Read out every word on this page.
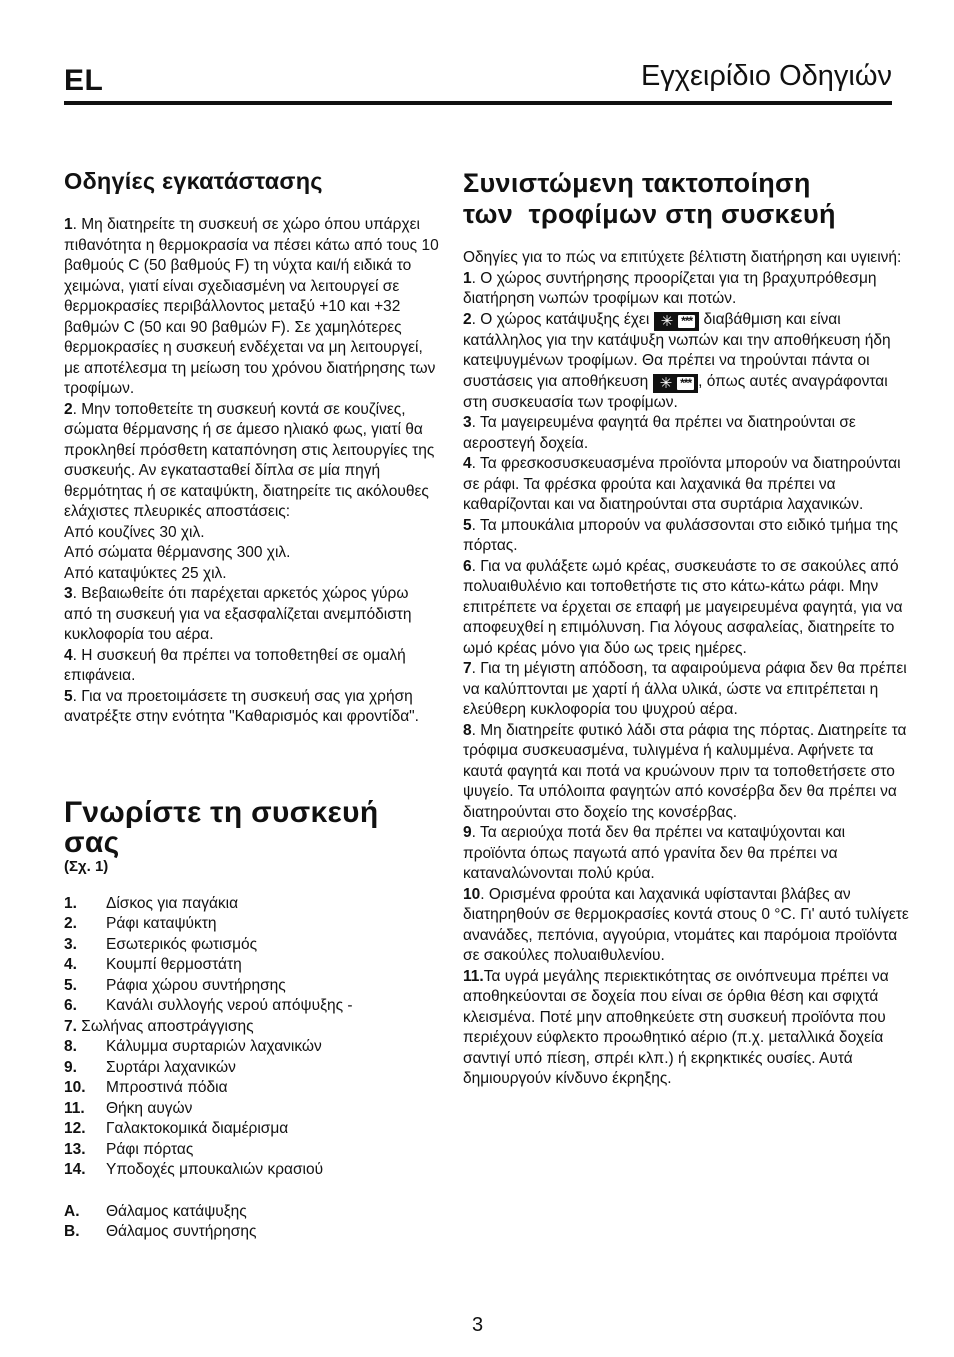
EL	Εγχειρίδιο Οδηγιών
Οδηγίες εγκατάστασης

1. Μη διατηρείτε τη συσκευή σε χώρο όπου υπάρχει πιθανότητα η θερμοκρασία να πέσει κάτω από τους 10 βαθμούς C (50 βαθμούς F) τη νύχτα και/ή ειδικά το χειμώνα, γιατί είναι σχεδιασμένη να λειτουργεί σε θερμοκρασίες περιβάλλοντος μεταξύ +10 και +32 βαθμών C (50 και 90 βαθμών F). Σε χαμηλότερες θερμοκρασίες η συσκευή ενδέχεται να μη λειτουργεί, με αποτέλεσμα τη μείωση του χρόνου διατήρησης των τροφίμων.

2. Μην τοποθετείτε τη συσκευή κοντά σε κουζίνες, σώματα θέρμανσης ή σε άμεσο ηλιακό φως, γιατί θα προκληθεί πρόσθετη καταπόνηση στις λειτουργίες της συσκευής. Αν εγκατασταθεί δίπλα σε μία πηγή θερμότητας ή σε καταψύκτη, διατηρείτε τις ακόλουθες ελάχιστες πλευρικές αποστάσεις:

Από κουζίνες 30 χιλ.

Από σώματα θέρμανσης 300 χιλ.

Από καταψύκτες 25 χιλ.

3. Βεβαιωθείτε ότι παρέχεται αρκετός χώρος γύρω από τη συσκευή για να εξασφαλίζεται ανεμπόδιστη κυκλοφορία του αέρα.

4. Η συσκευή θα πρέπει να τοποθετηθεί σε ομαλή επιφάνεια.

5. Για να προετοιμάσετε τη συσκευή σας για χρήση ανατρέξτε στην ενότητα "Καθαρισμός και φροντίδα".

Γνωρίστε τη συσκευή σας
(Σχ. 1)
1.	Δίσκος για παγάκια
2.	Ράφι καταψύκτη
3.	Εσωτερικός φωτισμός
4.	Κουμπί θερμοστάτη
5.	Ράφια χώρου συντήρησης
6.	Κανάλι συλλογής νερού απόψυξης -
7. Σωλήνας αποστράγγισης
8.	Κάλυμμα συρταριών λαχανικών
9.	Συρτάρι λαχανικών
10.	Μπροστινά πόδια
11.	Θήκη αυγών
12.	Γαλακτοκομικά διαμέρισμα
13.	Ράφι πόρτας
14.	Υποδοχές μπουκαλιών κρασιού
A.	Θάλαμος κατάψυξης
B.	Θάλαμος συντήρησης
Συνιστώμενη τακτοποίηση
των  τροφίμων στη συσκευή

Οδηγίες για το πώς να επιτύχετε βέλτιστη διατήρηση και υγιεινή:

1. Ο χώρος συντήρησης προορίζεται για τη βραχυπρόθεσμη διατήρηση νωπών τροφίμων και ποτών.

2. Ο χώρος κατάψυξης έχει ✳ *** διαβάθμιση και είναι κατάλληλος για την κατάψυξη νωπών και την αποθήκευση ήδη κατεψυγμένων τροφίμων. Θα πρέπει να τηρούνται πάντα οι συστάσεις για αποθήκευση ✳ *** , όπως αυτές αναγράφονται στη συσκευασία των τροφίμων.

3. Τα μαγειρευμένα φαγητά θα πρέπει να διατηρούνται σε αεροστεγή δοχεία.

4. Τα φρεσκοσυσκευασμένα προϊόντα μπορούν να διατηρούνται σε ράφι. Τα φρέσκα φρούτα και λαχανικά θα πρέπει να καθαρίζονται και να διατηρούνται στα συρτάρια λαχανικών.

5. Τα μπουκάλια μπορούν να φυλάσσονται στο ειδικό τμήμα της πόρτας.

6. Για να φυλάξετε ωμό κρέας, συσκευάστε το σε σακούλες από πολυαιθυλένιο και τοποθετήστε τις στο κάτω-κάτω ράφι. Μην επιτρέπετε να έρχεται σε επαφή με μαγειρευμένα φαγητά, για να αποφευχθεί η επιμόλυνση. Για λόγους ασφαλείας, διατηρείτε το ωμό κρέας μόνο για δύο ως τρεις ημέρες.

7. Για τη μέγιστη απόδοση, τα αφαιρούμενα ράφια δεν θα πρέπει να καλύπτονται με χαρτί ή άλλα υλικά, ώστε να επιτρέπεται η ελεύθερη κυκλοφορία του ψυχρού αέρα.

8. Μη διατηρείτε φυτικό λάδι στα ράφια της πόρτας. Διατηρείτε τα τρόφιμα συσκευασμένα, τυλιγμένα ή καλυμμένα. Αφήνετε τα καυτά φαγητά και ποτά να κρυώνουν πριν τα τοποθετήσετε στο ψυγείο. Τα υπόλοιπα φαγητών από κονσέρβα δεν θα πρέπει να διατηρούνται στο δοχείο της κονσέρβας.

9. Τα αεριούχα ποτά δεν θα πρέπει να καταψύχονται και προϊόντα όπως παγωτά από γρανίτα δεν θα πρέπει να καταναλώνονται πολύ κρύα.

10. Ορισμένα φρούτα και λαχανικά υφίστανται βλάβες αν διατηρηθούν σε θερμοκρασίες κοντά στους 0 °C. Γι' αυτό τυλίγετε ανανάδες, πεπόνια, αγγούρια, ντομάτες και παρόμοια προϊόντα σε σακούλες πολυαιθυλενίου.

11.Τα υγρά μεγάλης περιεκτικότητας σε οινόπνευμα πρέπει να αποθηκεύονται σε δοχεία που είναι σε όρθια θέση και σφιχτά κλεισμένα. Ποτέ μην αποθηκεύετε στη συσκευή προϊόντα που περιέχουν εύφλεκτο προωθητικό αέριο (π.χ. μεταλλικά δοχεία σαντιγί υπό πίεση, σπρέι κλπ.) ή εκρηκτικές ουσίες. Αυτά δημιουργούν κίνδυνο έκρηξης.

3
